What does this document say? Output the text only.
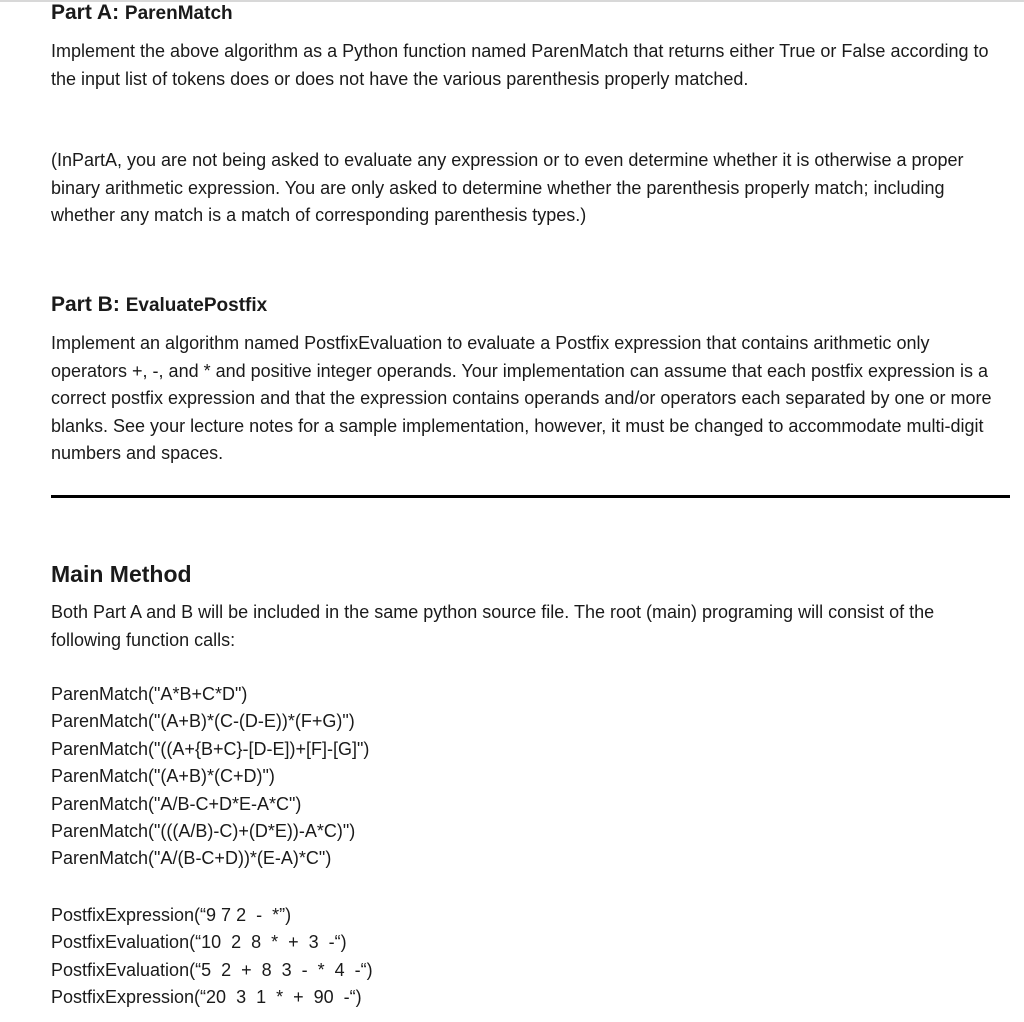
Part A: ParenMatch

Implement the above algorithm as a Python function named ParenMatch that returns either True or False according to the input list of tokens does or does not have the various parenthesis properly matched.

(InPartA, you are not being asked to evaluate any expression or to even determine whether it is otherwise a proper binary arithmetic expression. You are only asked to determine whether the parenthesis properly match; including whether any match is a match of corresponding parenthesis types.)

Part B: EvaluatePostfix

Implement an algorithm named PostfixEvaluation to evaluate a Postfix expression that contains arithmetic only operators +, -, and * and positive integer operands. Your implementation can assume that each postfix expression is a correct postfix expression and that the expression contains operands and/or operators each separated by one or more blanks. See your lecture notes for a sample implementation, however, it must be changed to accommodate multi-digit numbers and spaces.

Main Method

Both Part A and B will be included in the same python source file. The root (main) programing will consist of the following function calls:

ParenMatch("A*B+C*D")
ParenMatch("(A+B)*(C-(D-E))*(F+G)")
ParenMatch("((A+{B+C}-[D-E])+[F]-[G]")
ParenMatch("(A+B)*(C+D)")
ParenMatch("A/B-C+D*E-A*C")
ParenMatch("(((A/B)-C)+(D*E))-A*C)")
ParenMatch("A/(B-C+D))*(E-A)*C")
PostfixExpression(“9 7 2  -  *”)
PostfixEvaluation(“10  2  8  *  +  3  -“)
PostfixEvaluation(“5  2  +  8  3  -  *  4  -“)
PostfixExpression(“20  3  1  *  +  90  -“)
